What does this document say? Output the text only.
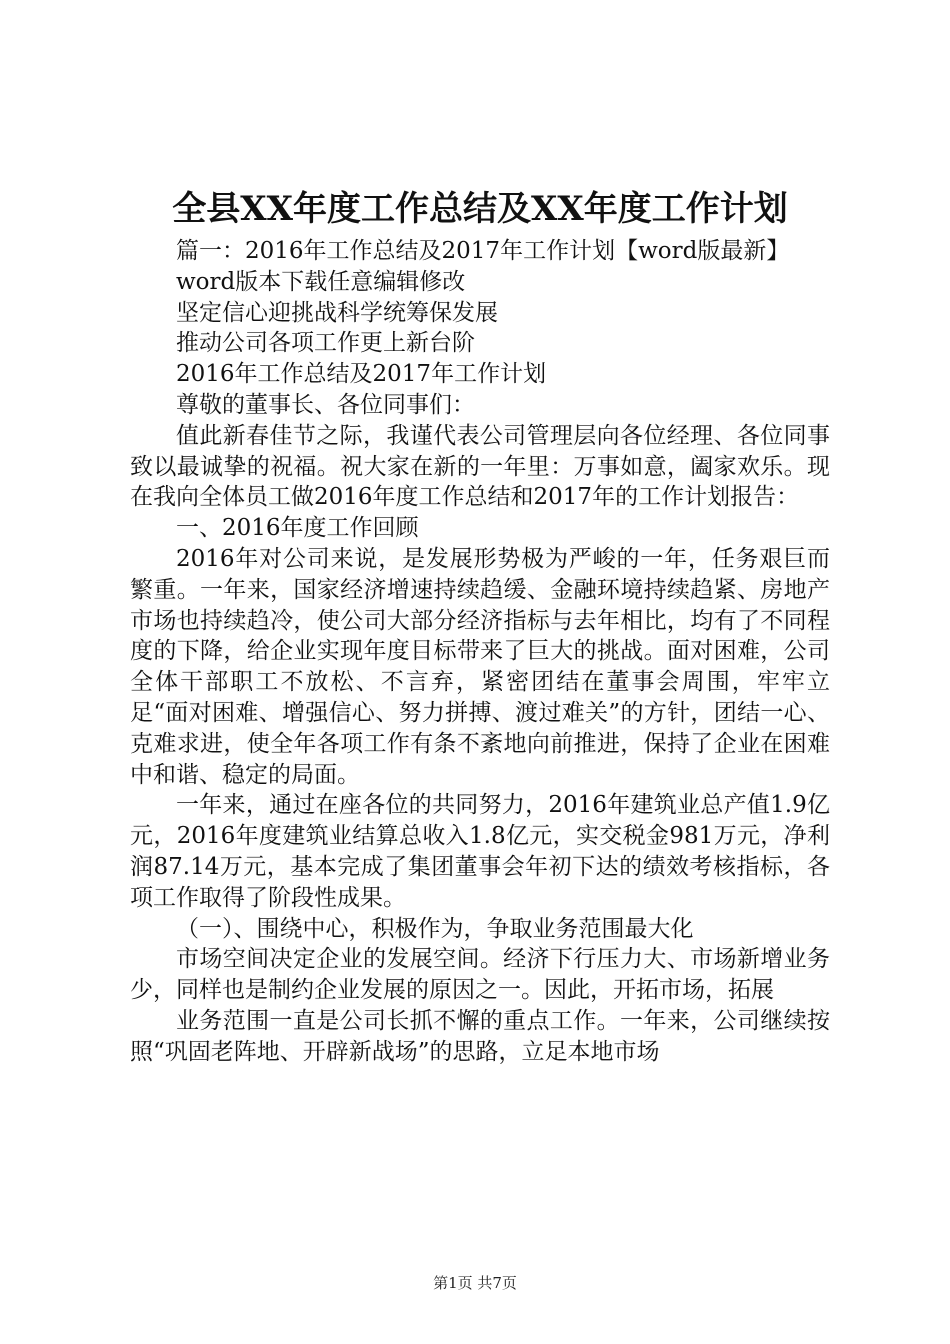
全县XX年度工作总结及XX年度工作计划

篇一：2016年工作总结及2017年工作计划【word版最新】

word版本下载任意编辑修改

坚定信心迎挑战科学统筹保发展

推动公司各项工作更上新台阶

2016年工作总结及2017年工作计划

尊敬的董事长、各位同事们：

值此新春佳节之际，我谨代表公司管理层向各位经理、各位同事致以最诚挚的祝福。祝大家在新的一年里：万事如意，阖家欢乐。现在我向全体员工做2016年度工作总结和2017年的工作计划报告：

一、2016年度工作回顾

2016年对公司来说，是发展形势极为严峻的一年，任务艰巨而繁重。一年来，国家经济增速持续趋缓、金融环境持续趋紧、房地产市场也持续趋冷，使公司大部分经济指标与去年相比，均有了不同程度的下降，给企业实现年度目标带来了巨大的挑战。面对困难，公司全体干部职工不放松、不言弃，紧密团结在董事会周围，牢牢立足“面对困难、增强信心、努力拼搏、渡过难关”的方针，团结一心、克难求进，使全年各项工作有条不紊地向前推进，保持了企业在困难中和谐、稳定的局面。

一年来，通过在座各位的共同努力，2016年建筑业总产值1.9亿元，2016年度建筑业结算总收入1.8亿元，实交税金981万元，净利润87.14万元，基本完成了集团董事会年初下达的绩效考核指标，各项工作取得了阶段性成果。

（一）、围绕中心，积极作为，争取业务范围最大化

市场空间决定企业的发展空间。经济下行压力大、市场新增业务少，同样也是制约企业发展的原因之一。因此，开拓市场，拓展

业务范围一直是公司长抓不懈的重点工作。一年来，公司继续按照“巩固老阵地、开辟新战场”的思路，立足本地市场

第1页 共7页
